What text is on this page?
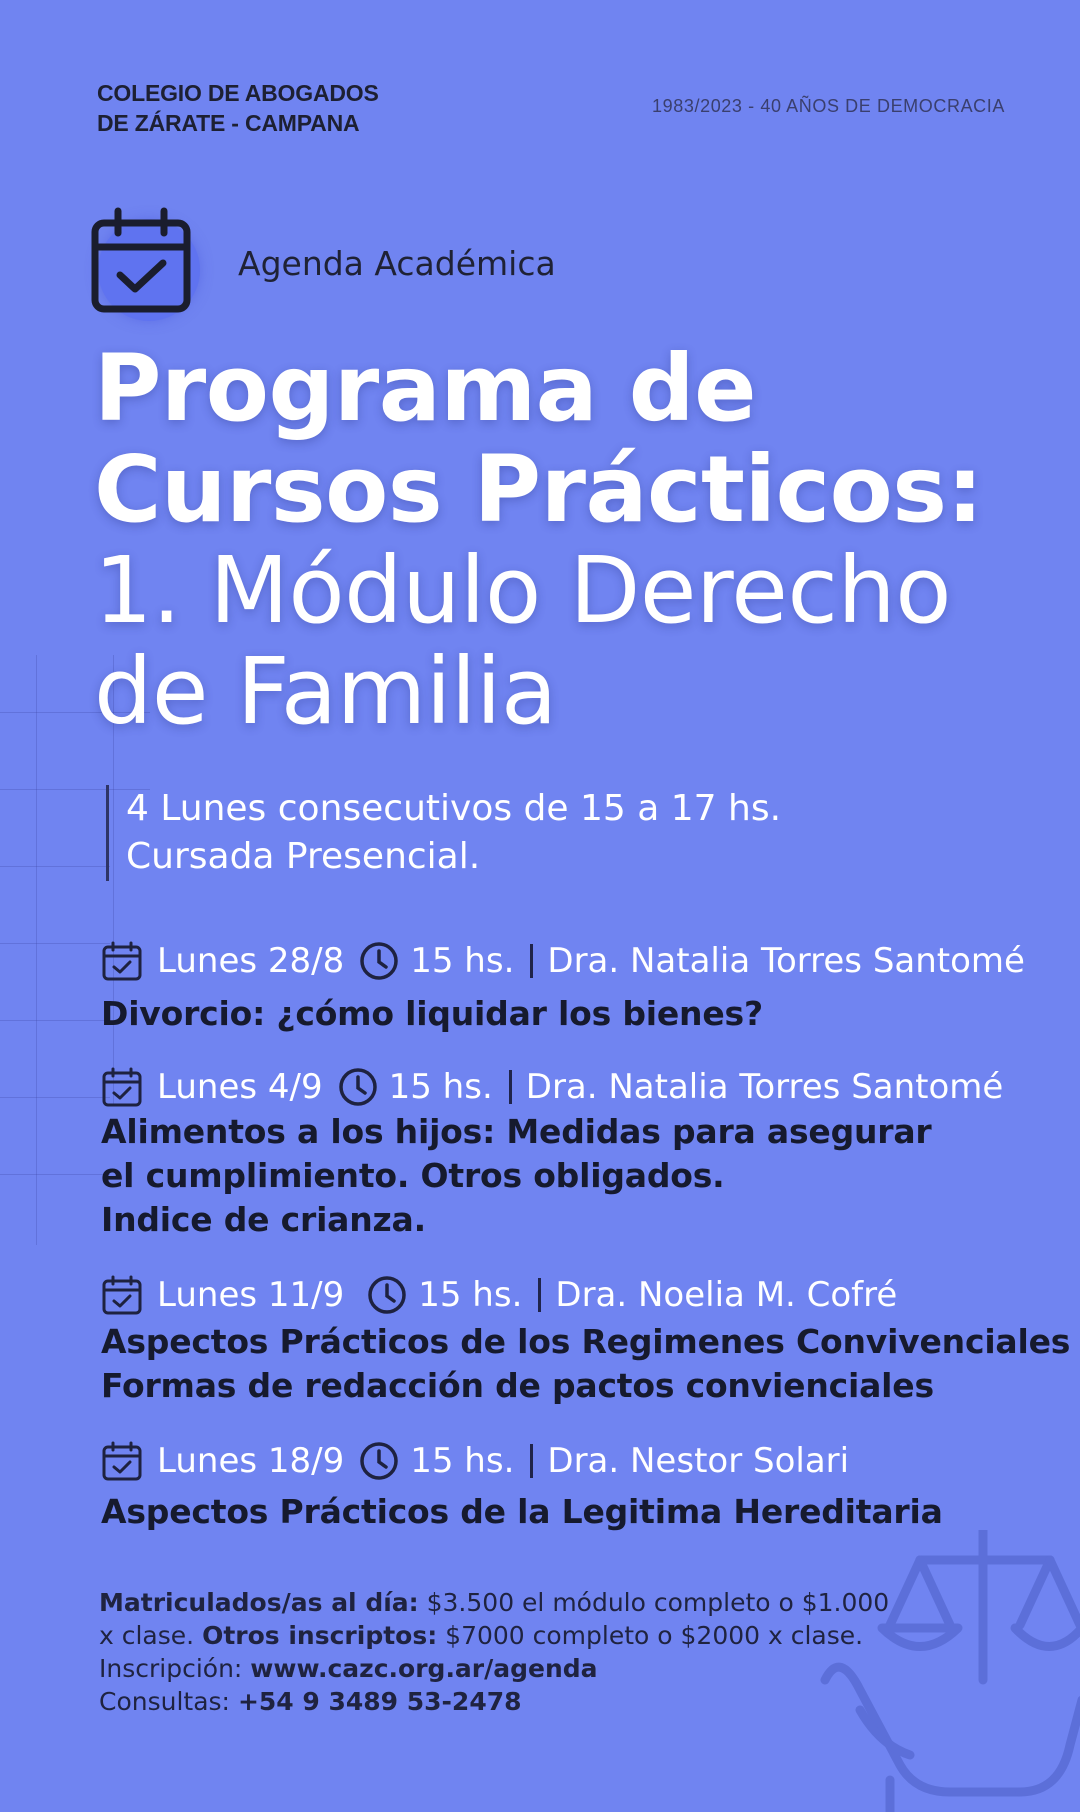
COLEGIO DE ABOGADOS
DE ZÁRATE - CAMPANA
1983/2023 - 40 AÑOS DE DEMOCRACIA
Agenda Académica
Programa de
Cursos Prácticos:
1. Módulo Derecho
de Familia
4 Lunes consecutivos de 15 a 17 hs.
Cursada Presencial.
Lunes 28/8 15 hs. Dra. Natalia Torres Santomé
Divorcio: ¿cómo liquidar los bienes?
Lunes 4/9 15 hs. Dra. Natalia Torres Santomé
Alimentos a los hijos: Medidas para asegurar
el cumplimiento. Otros obligados.
Indice de crianza.
Lunes 11/9 15 hs. Dra. Noelia M. Cofré
Aspectos Prácticos de los Regimenes Convivenciales
Formas de redacción de pactos convienciales
Lunes 18/9 15 hs. Dra. Nestor Solari
Aspectos Prácticos de la Legitima Hereditaria
Matriculados/as al día: $3.500 el módulo completo o $1.000
x clase. Otros inscriptos: $7000 completo o $2000 x clase.
Inscripción: www.cazc.org.ar/agenda
Consultas: +54 9 3489 53-2478
